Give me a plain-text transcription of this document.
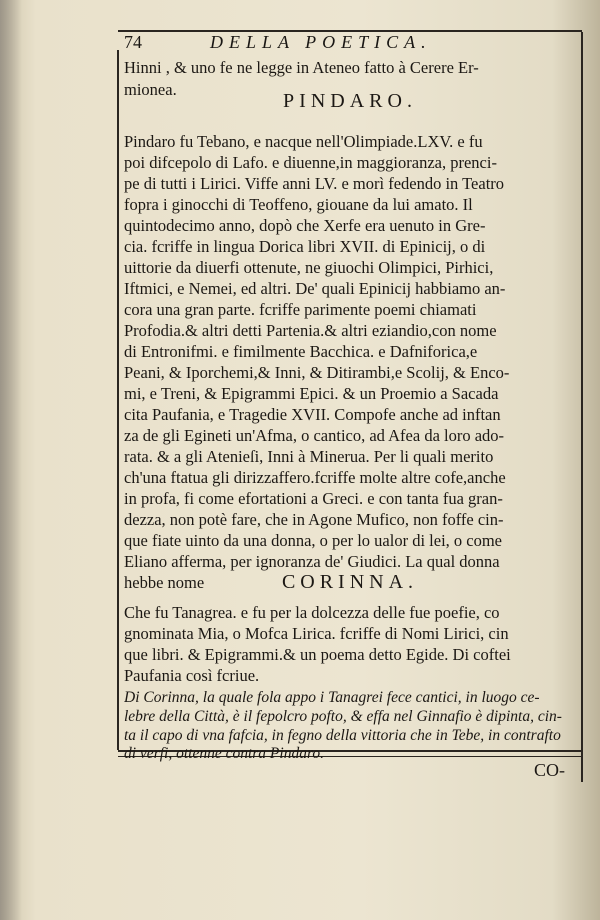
74	DELLA POETICA.
Hinni , & uno fe ne legge in Ateneo fatto à Cerere Er-
mionea.
PINDARO.
Pindaro fu Tebano, e nacque nell'Olimpiade.LXV. e fu
poi difcepolo di Lafo. e diuenne,in maggioranza, prenci-
pe di tutti i Lirici. Viffe anni LV. e morì fedendo in Teatro
fopra i ginocchi di Teoffeno, giouane da lui amato. Il
quintodecimo anno, dopò che Xerfe era uenuto in Gre-
cia. fcriffe in lingua Dorica libri XVII. di Epinicij, o di
uittorie da diuerfi ottenute, ne giuochi Olimpici, Pirhici,
Iftmici, e Nemei, ed altri. De' quali Epinicij habbiamo an-
cora una gran parte. fcriffe parimente poemi chiamati
Profodia.& altri detti Partenia.& altri eziandio,con nome
di Entronifmi. e fimilmente Bacchica. e Dafniforica,e
Peani, & Iporchemi,& Inni, & Ditirambi,e Scolij, & Enco-
mi, e Treni, & Epigrammi Epici. & un Proemio a Sacada
cita Paufania, e Tragedie XVII. Compofe anche ad inftan
za de gli Egineti un'Afma, o cantico, ad Afea da loro ado-
rata. & a gli Atenieſi, Inni à Minerua. Per li quali merito
ch'una ftatua gli dirizzaffero.fcriffe molte altre cofe,anche
in profa, fi come efortationi a Greci. e con tanta fua gran-
dezza, non potè fare, che in Agone Mufico, non foffe cin-
que fiate uinto da una donna, o per lo ualor di lei, o come
Eliano afferma, per ignoranza de' Giudici. La qual donna
hebbe nome	CORINNA.
Che fu Tanagrea. e fu per la dolcezza delle fue poefie, co
gnominata Mia, o Mofca Lirica. fcriffe di Nomi Lirici, cin
que libri. & Epigrammi.& un poema detto Egide. Di coftei
Paufania così fcriue.
Di Corinna, la quale fola appo i Tanagrei fece cantici, in luogo ce-
lebre della Città, è il fepolcro pofto, & effa nel Ginnafio è dipinta, cin-
ta il capo di vna fafcia, in fegno della vittoria che in Tebe, in contrafto
CO-
di verfi, ottenne contra Pindaro.
